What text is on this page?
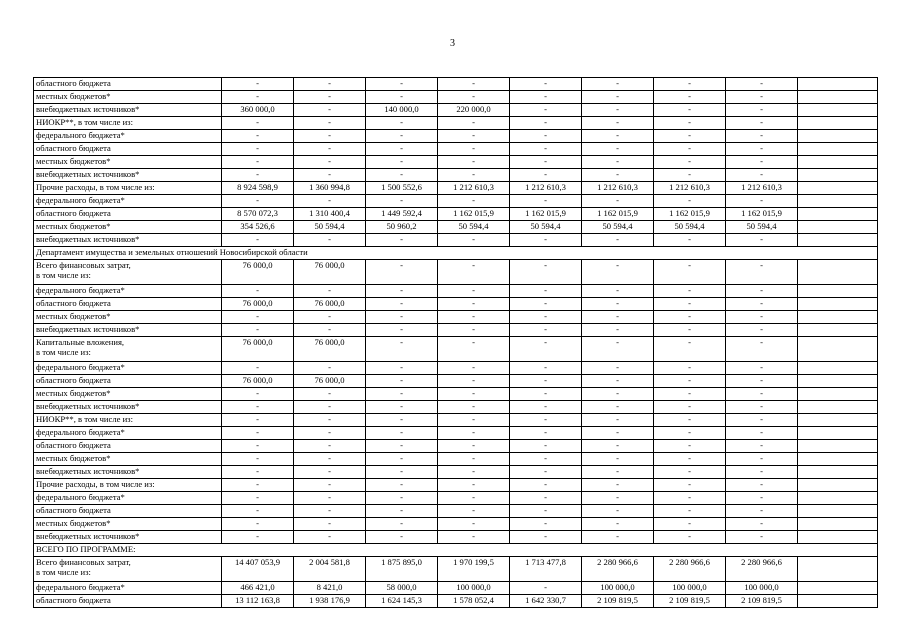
3
областного бюджета	-	-	-	-	-	-	-	-	

местных бюджетов*	-	-	-	-	-	-	-	-	

внебюджетных источников*	360 000,0	-	140 000,0	220 000,0	-	-	-	-	

НИОКР**, в том числе из:	-	-	-	-	-	-	-	-	

федерального бюджета*	-	-	-	-	-	-	-	-	

областного бюджета	-	-	-	-	-	-	-	-	

местных бюджетов*	-	-	-	-	-	-	-	-	

внебюджетных источников*	-	-	-	-	-	-	-	-	

Прочие расходы, в том числе из:	8 924 598,9	1 360 994,8	1 500 552,6	1 212 610,3	1 212 610,3	1 212 610,3	1 212 610,3	1 212 610,3	

федерального бюджета*	-	-	-	-	-	-	-	-	

областного бюджета	8 570 072,3	1 310 400,4	1 449 592,4	1 162 015,9	1 162 015,9	1 162 015,9	1 162 015,9	1 162 015,9	

местных бюджетов*	354 526,6	50 594,4	50 960,2	50 594,4	50 594,4	50 594,4	50 594,4	50 594,4	

внебюджетных источников*	-	-	-	-	-	-	-	-	
Департамент имущества и земельных отношений Новосибирской области									

Всего финансовых затрат,
в том числе из:	76 000,0	76 000,0	-	-	-	-	-	-	

федерального бюджета*	-	-	-	-	-	-	-	-	

областного бюджета	76 000,0	76 000,0	-	-	-	-	-	-	

местных бюджетов*	-	-	-	-	-	-	-	-	

внебюджетных источников*	-	-	-	-	-	-	-	-	

Капитальные вложения,
в том числе из:	76 000,0	76 000,0	-	-	-	-	-	-	

федерального бюджета*	-	-	-	-	-	-	-	-	

областного бюджета	76 000,0	76 000,0	-	-	-	-	-	-	

местных бюджетов*	-	-	-	-	-	-	-	-	

внебюджетных источников*	-	-	-	-	-	-	-	-	

НИОКР**, в том числе из:	-	-	-	-	-	-	-	-	

федерального бюджета*	-	-	-	-	-	-	-	-	

областного бюджета	-	-	-	-	-	-	-	-	

местных бюджетов*	-	-	-	-	-	-	-	-	

внебюджетных источников*	-	-	-	-	-	-	-	-	

Прочие расходы, в том числе из:	-	-	-	-	-	-	-	-	

федерального бюджета*	-	-	-	-	-	-	-	-	

областного бюджета	-	-	-	-	-	-	-	-	

местных бюджетов*	-	-	-	-	-	-	-	-	

внебюджетных источников*	-	-	-	-	-	-	-	-	
ВСЕГО ПО ПРОГРАММЕ:									

Всего финансовых затрат,
в том числе из:	14 407 053,9	2 004 581,8	1 875 895,0	1 970 199,5	1 713 477,8	2 280 966,6	2 280 966,6	2 280 966,6	

федерального бюджета*	466 421,0	8 421,0	58 000,0	100 000,0	-	100 000,0	100 000,0	100 000,0	

областного бюджета	13 112 163,8	1 938 176,9	1 624 145,3	1 578 052,4	1 642 330,7	2 109 819,5	2 109 819,5	2 109 819,5	
